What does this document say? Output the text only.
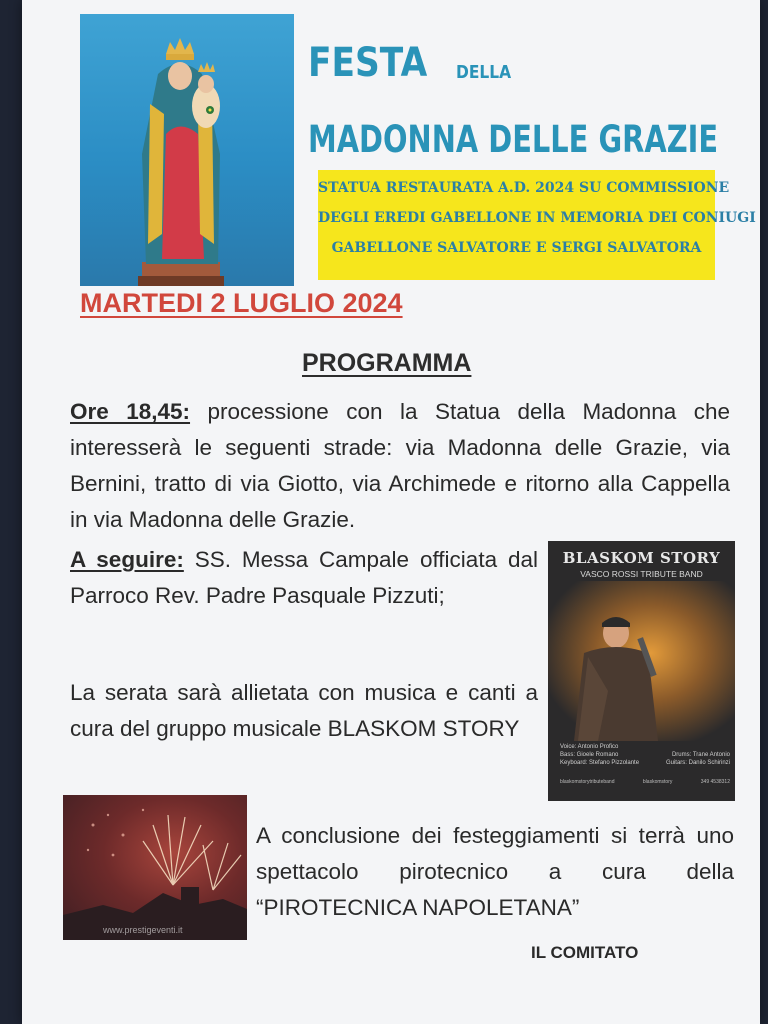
FESTA DELLA
MADONNA DELLE GRAZIE
STATUA RESTAURATA A.D. 2024 SU COMMISSIONE
DEGLI EREDI GABELLONE IN MEMORIA DEI CONIUGI
GABELLONE SALVATORE E SERGI SALVATORA
MARTEDI 2 LUGLIO 2024
PROGRAMMA
Ore 18,45: processione con la Statua della Madonna che interesserà le seguenti strade: via Madonna delle Grazie, via Bernini, tratto di via Giotto, via Archimede e ritorno alla Cappella in via Madonna delle Grazie.
A seguire: SS. Messa Campale officiata dal Parroco Rev. Padre Pasquale Pizzuti;
La serata sarà allietata con musica e canti a cura del gruppo musicale BLASKOM STORY
BLASKOM STORY
VASCO ROSSI TRIBUTE BAND
Voice: Antonio Profico
Bass: Gioele Romano	Drums: Trane Antonio
Keyboard: Stefano Pizzolante	Guitars: Danilo Schirinzi
blaskomstorytributeband	blaskomstory	349 4538312
www.prestigeventi.it
A conclusione dei festeggiamenti si terrà uno spettacolo pirotecnico a cura della “PIROTECNICA NAPOLETANA”
IL COMITATO
